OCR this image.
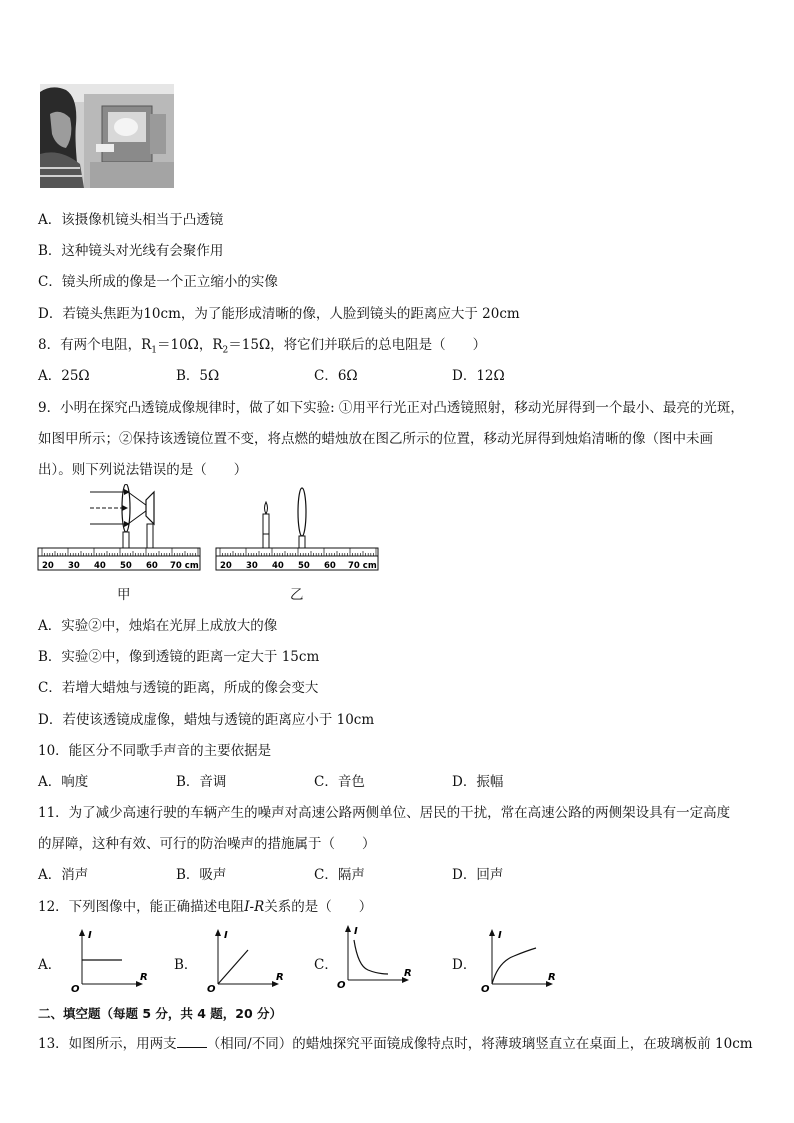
A．该摄像机镜头相当于凸透镜
B．这种镜头对光线有会聚作用
C．镜头所成的像是一个正立缩小的实像
D．若镜头焦距为10cm，为了能形成清晰的像，人脸到镜头的距离应大于 20cm
8．有两个电阻，$R_1=10\Omega$，$R_2=15\Omega$，将它们并联后的总电阻是（　　）
A．25Ω	B．5Ω	C．6Ω	D．12Ω
9．小明在探究凸透镜成像规律时，做了如下实验: ①用平行光正对凸透镜照射，移动光屏得到一个最小、最亮的光斑，
如图甲所示；②保持该透镜位置不变，将点燃的蜡烛放在图乙所示的位置，移动光屏得到烛焰清晰的像（图中未画
出）。则下列说法错误的是（　　）
20 30 40 50 60 70 cm
甲
20 30 40 50 60 70 cm
乙
A．实验②中，烛焰在光屏上成放大的像
B．实验②中，像到透镜的距离一定大于 15cm
C．若增大蜡烛与透镜的距离，所成的像会变大
D．若使该透镜成虚像，蜡烛与透镜的距离应小于 10cm
10．能区分不同歌手声音的主要依据是
A．响度	B．音调	C．音色	D．振幅
11．为了减少高速行驶的车辆产生的噪声对高速公路两侧单位、居民的干扰，常在高速公路的两侧架设具有一定高度
的屏障，这种有效、可行的防治噪声的措施属于（　　）
A．消声	B．吸声	C．隔声	D．回声
12．下列图像中，能正确描述电阻I-R关系的是（　　）
A．
I
R
O
B．
I
R
O
C．
I
R
O
D．
I
R
O
二、填空题（每题 5 分，共 4 题，20 分）
13．如图所示，用两支 （相同/不同）的蜡烛探究平面镜成像特点时，将薄玻璃竖直立在桌面上，在玻璃板前 10cm
